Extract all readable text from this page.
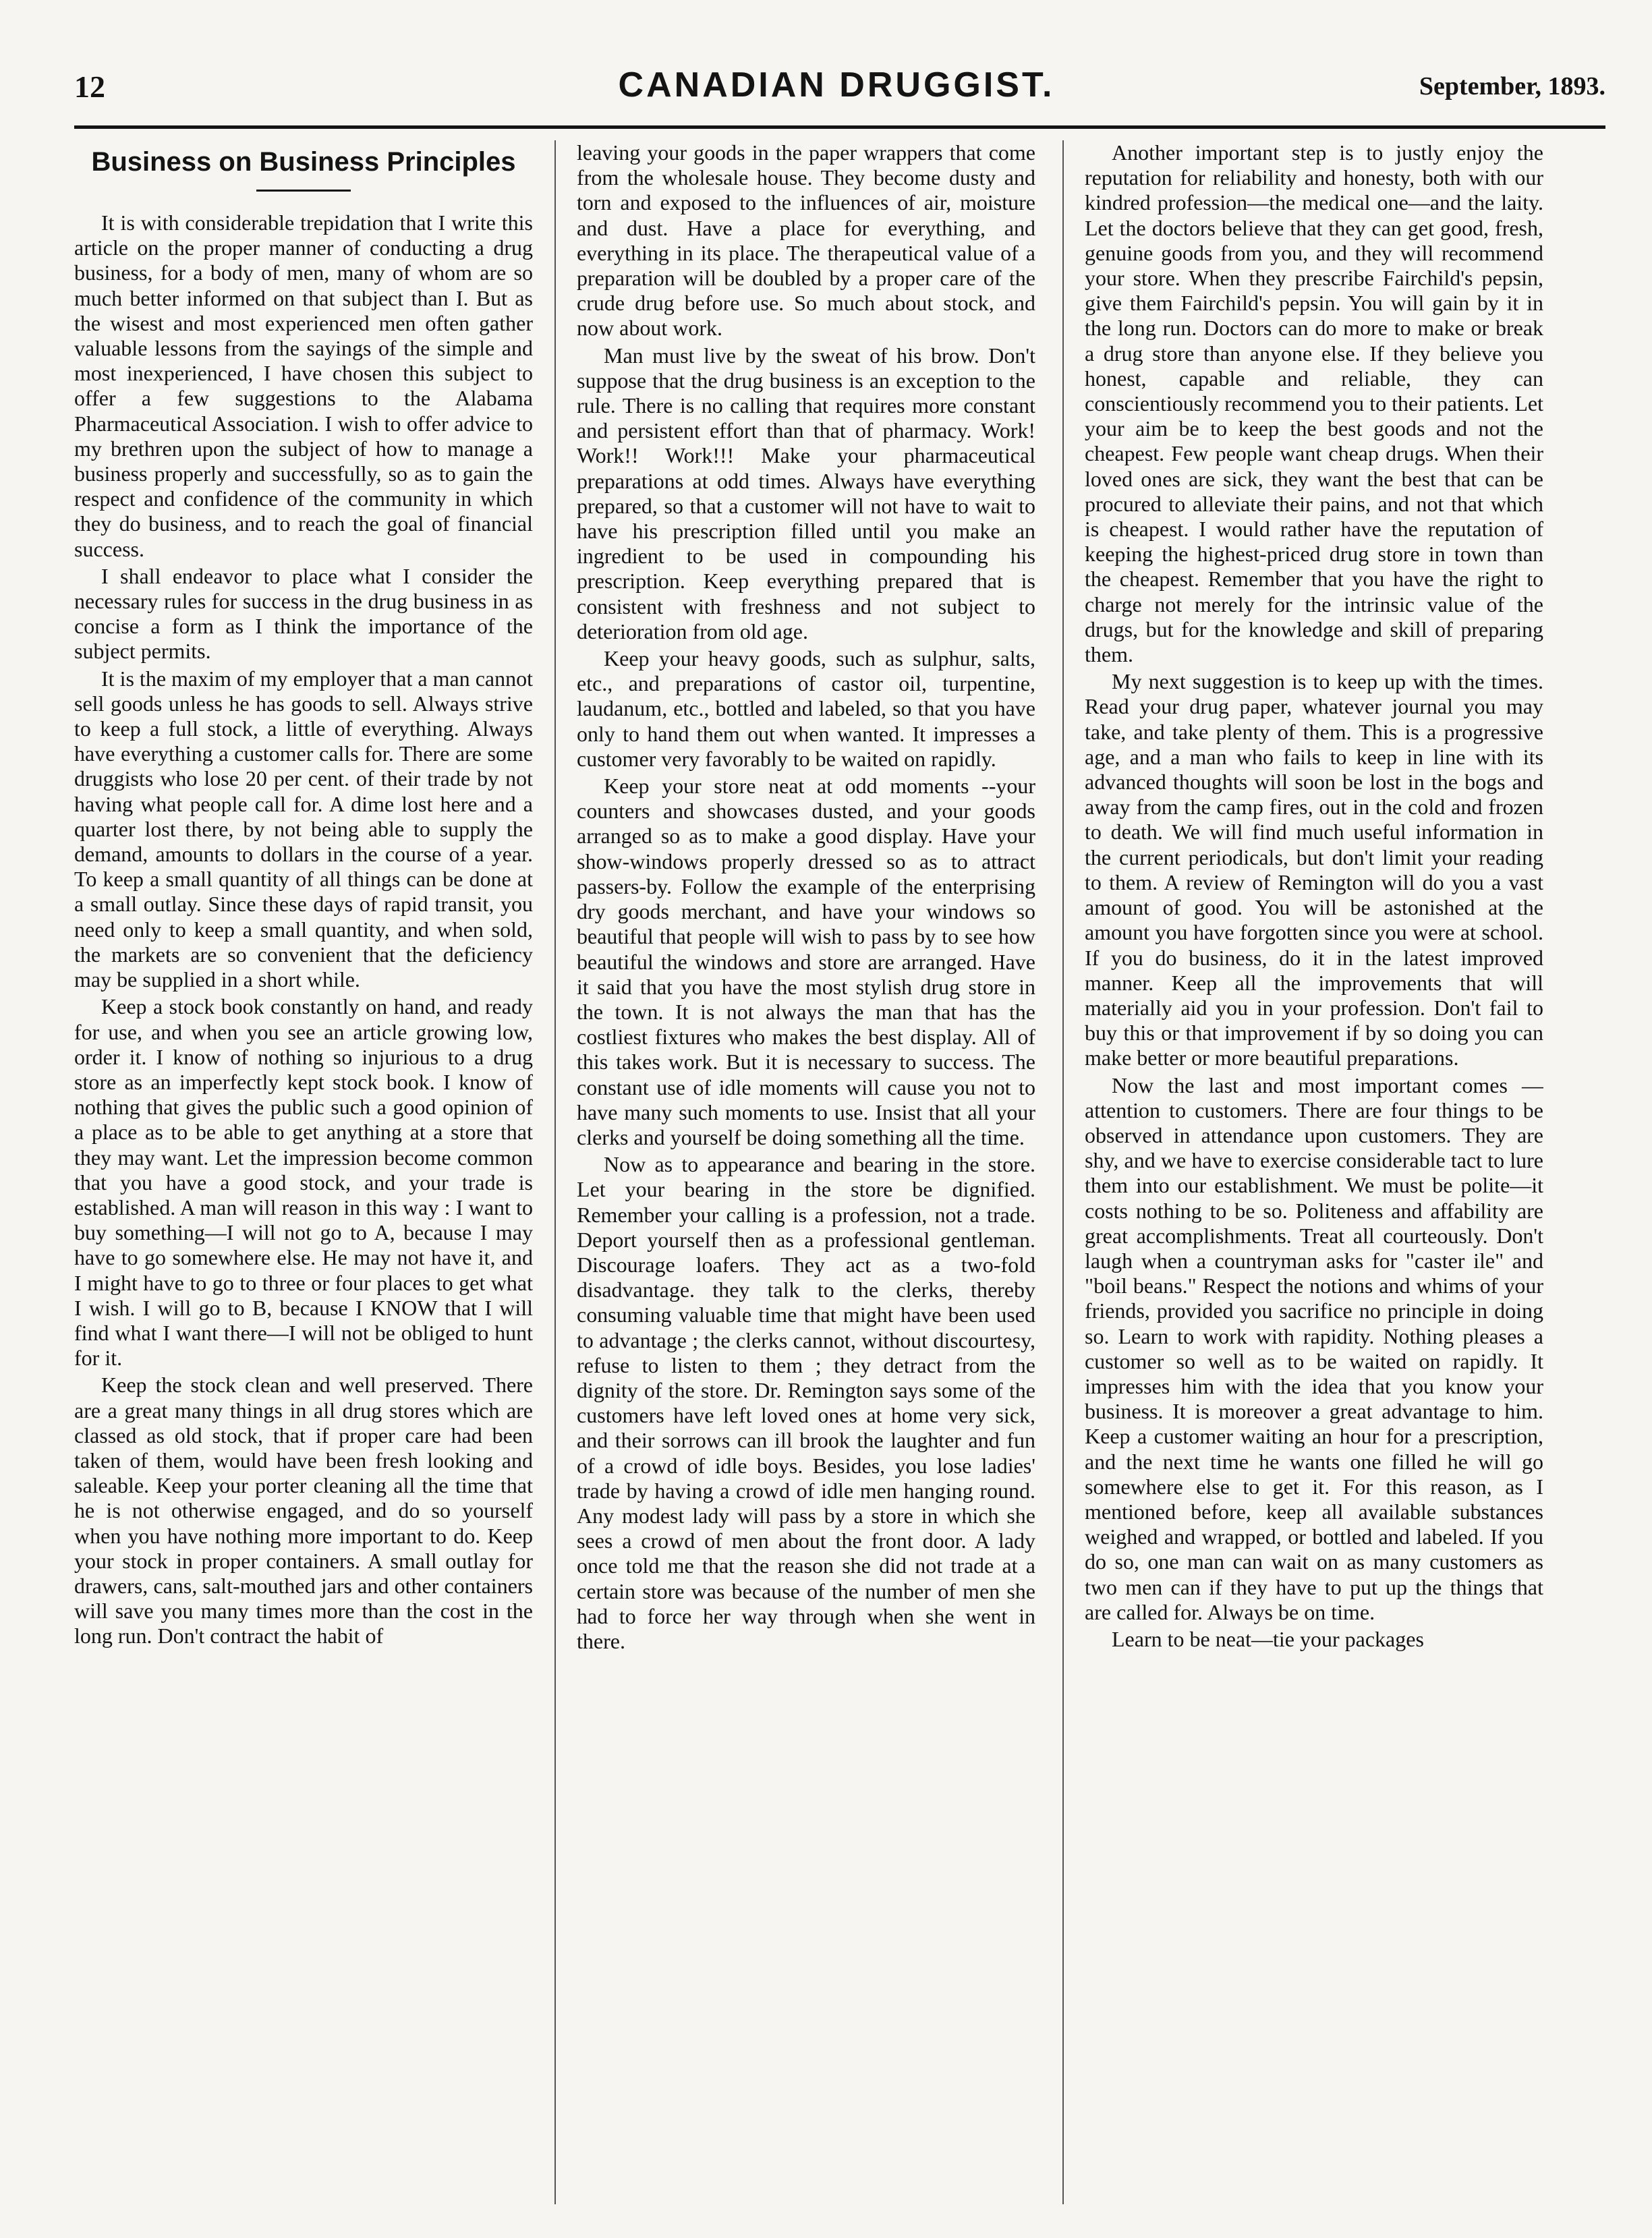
12	CANADIAN DRUGGIST.	September, 1893.
Business on Business Principles

It is with considerable trepidation that I write this article on the proper manner of conducting a drug business, for a body of men, many of whom are so much better informed on that subject than I. But as the wisest and most experienced men often gather valuable lessons from the sayings of the simple and most inexperienced, I have chosen this subject to offer a few suggestions to the Alabama Pharmaceutical Association. I wish to offer advice to my brethren upon the subject of how to manage a business properly and successfully, so as to gain the respect and confidence of the community in which they do business, and to reach the goal of financial success.

I shall endeavor to place what I consider the necessary rules for success in the drug business in as concise a form as I think the importance of the subject permits.

It is the maxim of my employer that a man cannot sell goods unless he has goods to sell. Always strive to keep a full stock, a little of everything. Always have everything a customer calls for. There are some druggists who lose 20 per cent. of their trade by not having what people call for. A dime lost here and a quarter lost there, by not being able to supply the demand, amounts to dollars in the course of a year. To keep a small quantity of all things can be done at a small outlay. Since these days of rapid transit, you need only to keep a small quantity, and when sold, the markets are so convenient that the deficiency may be supplied in a short while.

Keep a stock book constantly on hand, and ready for use, and when you see an article growing low, order it. I know of nothing so injurious to a drug store as an imperfectly kept stock book. I know of nothing that gives the public such a good opinion of a place as to be able to get anything at a store that they may want. Let the impression become common that you have a good stock, and your trade is established. A man will reason in this way : I want to buy something—I will not go to A, because I may have to go somewhere else. He may not have it, and I might have to go to three or four places to get what I wish. I will go to B, because I KNOW that I will find what I want there—I will not be obliged to hunt for it.

Keep the stock clean and well preserved. There are a great many things in all drug stores which are classed as old stock, that if proper care had been taken of them, would have been fresh looking and saleable. Keep your porter cleaning all the time that he is not otherwise engaged, and do so yourself when you have nothing more important to do. Keep your stock in proper containers. A small outlay for drawers, cans, salt-mouthed jars and other containers will save you many times more than the cost in the long run. Don't contract the habit of

leaving your goods in the paper wrappers that come from the wholesale house. They become dusty and torn and exposed to the influences of air, moisture and dust. Have a place for everything, and everything in its place. The therapeutical value of a preparation will be doubled by a proper care of the crude drug before use. So much about stock, and now about work.

Man must live by the sweat of his brow. Don't suppose that the drug business is an exception to the rule. There is no calling that requires more constant and persistent effort than that of pharmacy. Work! Work!! Work!!! Make your pharmaceutical preparations at odd times. Always have everything prepared, so that a customer will not have to wait to have his prescription filled until you make an ingredient to be used in compounding his prescription. Keep everything prepared that is consistent with freshness and not subject to deterioration from old age.

Keep your heavy goods, such as sulphur, salts, etc., and preparations of castor oil, turpentine, laudanum, etc., bottled and labeled, so that you have only to hand them out when wanted. It impresses a customer very favorably to be waited on rapidly.

Keep your store neat at odd moments --your counters and showcases dusted, and your goods arranged so as to make a good display. Have your show-windows properly dressed so as to attract passers-by. Follow the example of the enterprising dry goods merchant, and have your windows so beautiful that people will wish to pass by to see how beautiful the windows and store are arranged. Have it said that you have the most stylish drug store in the town. It is not always the man that has the costliest fixtures who makes the best display. All of this takes work. But it is necessary to success. The constant use of idle moments will cause you not to have many such moments to use. Insist that all your clerks and yourself be doing something all the time.

Now as to appearance and bearing in the store. Let your bearing in the store be dignified. Remember your calling is a profession, not a trade. Deport yourself then as a professional gentleman. Discourage loafers. They act as a two-fold disadvantage. they talk to the clerks, thereby consuming valuable time that might have been used to advantage ; the clerks cannot, without discourtesy, refuse to listen to them ; they detract from the dignity of the store. Dr. Remington says some of the customers have left loved ones at home very sick, and their sorrows can ill brook the laughter and fun of a crowd of idle boys. Besides, you lose ladies' trade by having a crowd of idle men hanging round. Any modest lady will pass by a store in which she sees a crowd of men about the front door. A lady once told me that the reason she did not trade at a certain store was because of the number of men she had to force her way through when she went in there.

Another important step is to justly enjoy the reputation for reliability and honesty, both with our kindred profession—the medical one—and the laity. Let the doctors believe that they can get good, fresh, genuine goods from you, and they will recommend your store. When they prescribe Fairchild's pepsin, give them Fairchild's pepsin. You will gain by it in the long run. Doctors can do more to make or break a drug store than anyone else. If they believe you honest, capable and reliable, they can conscientiously recommend you to their patients. Let your aim be to keep the best goods and not the cheapest. Few people want cheap drugs. When their loved ones are sick, they want the best that can be procured to alleviate their pains, and not that which is cheapest. I would rather have the reputation of keeping the highest-priced drug store in town than the cheapest. Remember that you have the right to charge not merely for the intrinsic value of the drugs, but for the knowledge and skill of preparing them.

My next suggestion is to keep up with the times. Read your drug paper, whatever journal you may take, and take plenty of them. This is a progressive age, and a man who fails to keep in line with its advanced thoughts will soon be lost in the bogs and away from the camp fires, out in the cold and frozen to death. We will find much useful information in the current periodicals, but don't limit your reading to them. A review of Remington will do you a vast amount of good. You will be astonished at the amount you have forgotten since you were at school. If you do business, do it in the latest improved manner. Keep all the improvements that will materially aid you in your profession. Don't fail to buy this or that improvement if by so doing you can make better or more beautiful preparations.

Now the last and most important comes —attention to customers. There are four things to be observed in attendance upon customers. They are shy, and we have to exercise considerable tact to lure them into our establishment. We must be polite—it costs nothing to be so. Politeness and affability are great accomplishments. Treat all courteously. Don't laugh when a countryman asks for "caster ile" and "boil beans." Respect the notions and whims of your friends, provided you sacrifice no principle in doing so. Learn to work with rapidity. Nothing pleases a customer so well as to be waited on rapidly. It impresses him with the idea that you know your business. It is moreover a great advantage to him. Keep a customer waiting an hour for a prescription, and the next time he wants one filled he will go somewhere else to get it. For this reason, as I mentioned before, keep all available substances weighed and wrapped, or bottled and labeled. If you do so, one man can wait on as many customers as two men can if they have to put up the things that are called for. Always be on time.

Learn to be neat—tie your packages
